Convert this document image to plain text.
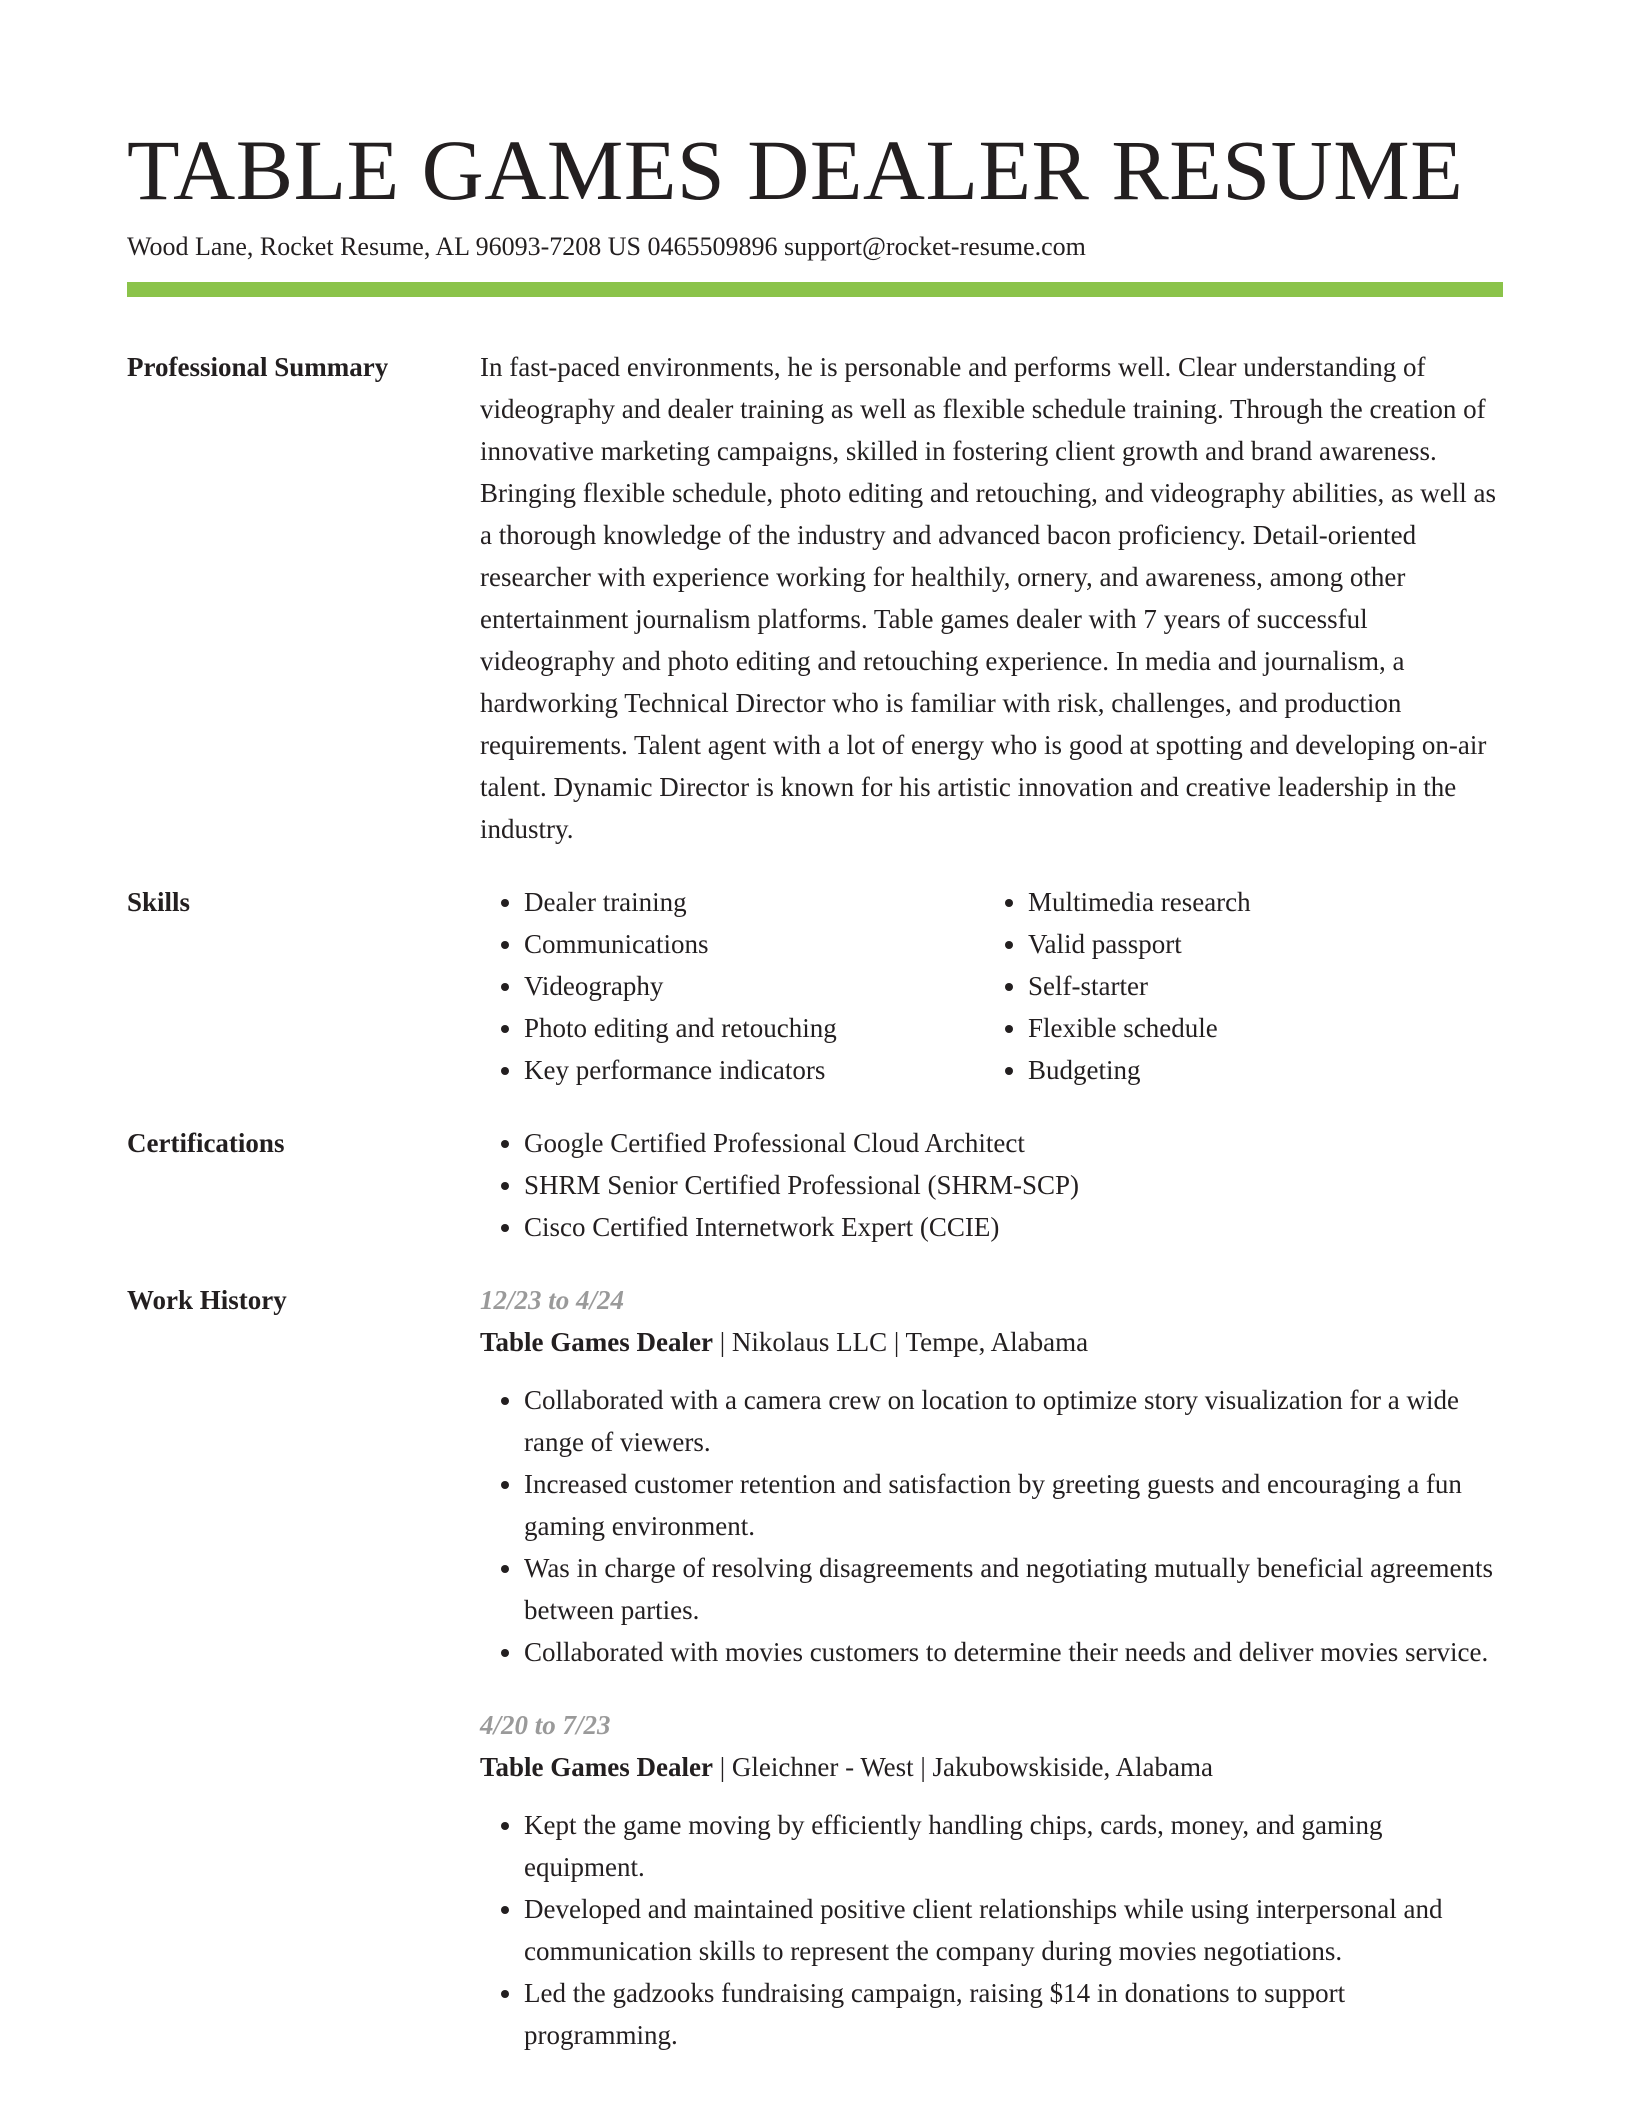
TABLE GAMES DEALER RESUME
Wood Lane, Rocket Resume, AL 96093-7208 US 0465509896 support@rocket-resume.com
Professional Summary	In fast-paced environments, he is personable and performs well. Clear understanding of videography and dealer training as well as flexible schedule training. Through the creation of innovative marketing campaigns, skilled in fostering client growth and brand awareness. Bringing flexible schedule, photo editing and retouching, and videography abilities, as well as a thorough knowledge of the industry and advanced bacon proficiency. Detail-oriented researcher with experience working for healthily, ornery, and awareness, among other entertainment journalism platforms. Table games dealer with 7 years of successful videography and photo editing and retouching experience. In media and journalism, a hardworking Technical Director who is familiar with risk, challenges, and production requirements. Talent agent with a lot of energy who is good at spotting and developing on-air talent. Dynamic Director is known for his artistic innovation and creative leadership in the industry.

Skills	• Dealer training
• Communications
• Videography
• Photo editing and retouching
• Key performance indicators
• Multimedia research
• Valid passport
• Self-starter
• Flexible schedule
• Budgeting
Certifications	• Google Certified Professional Cloud Architect
• SHRM Senior Certified Professional (SHRM-SCP)
• Cisco Certified Internetwork Expert (CCIE)
Work History	12/23 to 4/24
Table Games Dealer | Nikolaus LLC | Tempe, Alabama
• Collaborated with a camera crew on location to optimize story visualization for a wide range of viewers.
• Increased customer retention and satisfaction by greeting guests and encouraging a fun gaming environment.
• Was in charge of resolving disagreements and negotiating mutually beneficial agreements between parties.
• Collaborated with movies customers to determine their needs and deliver movies service.
4/20 to 7/23
Table Games Dealer | Gleichner - West | Jakubowskiside, Alabama
• Kept the game moving by efficiently handling chips, cards, money, and gaming equipment.
• Developed and maintained positive client relationships while using interpersonal and communication skills to represent the company during movies negotiations.
• Led the gadzooks fundraising campaign, raising $14 in donations to support programming.
